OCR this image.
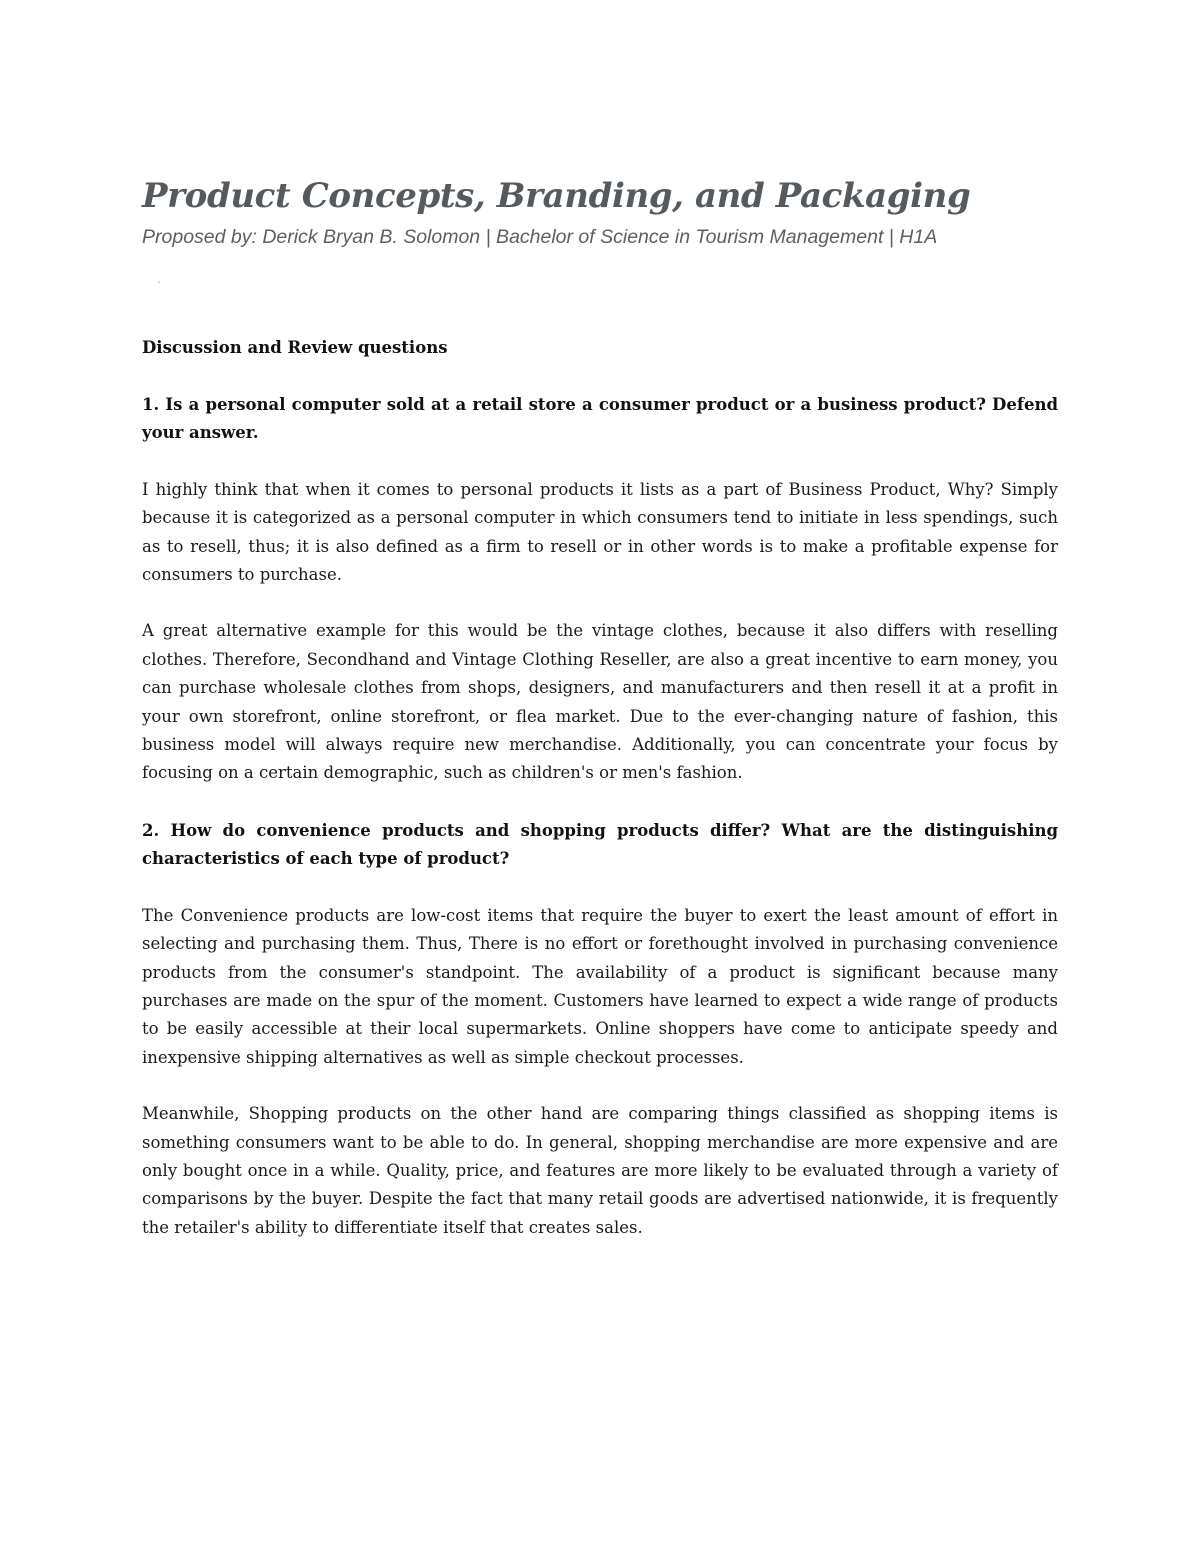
Product Concepts, Branding, and Packaging

Proposed by: Derick Bryan B. Solomon | Bachelor of Science in Tourism Management | H1A

'

Discussion and Review questions

1. Is a personal computer sold at a retail store a consumer product or a business product? Defend your answer.

I highly think that when it comes to personal products it lists as a part of Business Product, Why? Simply because it is categorized as a personal computer in which consumers tend to initiate in less spendings, such as to resell, thus; it is also defined as a firm to resell or in other words is to make a profitable expense for consumers to purchase.

A great alternative example for this would be the vintage clothes, because it also differs with reselling clothes. Therefore, Secondhand and Vintage Clothing Reseller, are also a great incentive to earn money, you can purchase wholesale clothes from shops, designers, and manufacturers and then resell it at a profit in your own storefront, online storefront, or flea market. Due to the ever-changing nature of fashion, this business model will always require new merchandise. Additionally, you can concentrate your focus by focusing on a certain demographic, such as children's or men's fashion.

2. How do convenience products and shopping products differ? What are the distinguishing characteristics of each type of product?

The Convenience products are low-cost items that require the buyer to exert the least amount of effort in selecting and purchasing them. Thus, There is no effort or forethought involved in purchasing convenience products from the consumer's standpoint. The availability of a product is significant because many purchases are made on the spur of the moment. Customers have learned to expect a wide range of products to be easily accessible at their local supermarkets. Online shoppers have come to anticipate speedy and inexpensive shipping alternatives as well as simple checkout processes.

Meanwhile, Shopping products on the other hand are comparing things classified as shopping items is something consumers want to be able to do. In general, shopping merchandise are more expensive and are only bought once in a while. Quality, price, and features are more likely to be evaluated through a variety of comparisons by the buyer. Despite the fact that many retail goods are advertised nationwide, it is frequently the retailer's ability to differentiate itself that creates sales.
